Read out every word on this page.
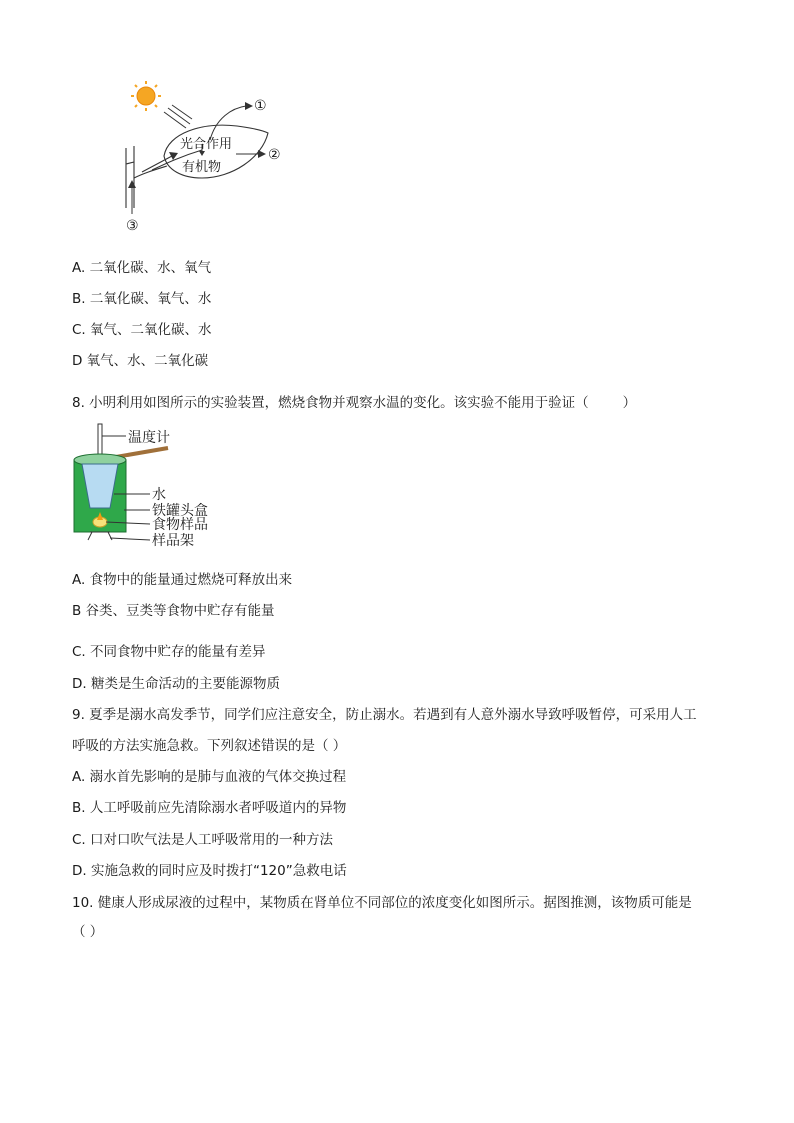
光合作用
有机物
①
②
③
A. 二氧化碳、水、氧气
B. 二氧化碳、氧气、水
C. 氧气、二氧化碳、水
D 氧气、水、二氧化碳
8. 小明利用如图所示的实验装置，燃烧食物并观察水温的变化。该实验不能用于验证（	）
温度计
水
铁罐头盒
食物样品
样品架
A. 食物中的能量通过燃烧可释放出来
B 谷类、豆类等食物中贮存有能量
C. 不同食物中贮存的能量有差异
D. 糖类是生命活动的主要能源物质
9. 夏季是溺水高发季节，同学们应注意安全，防止溺水。若遇到有人意外溺水导致呼吸暂停，可采用人工
呼吸的方法实施急救。下列叙述错误的是（ ）
A. 溺水首先影响的是肺与血液的气体交换过程
B. 人工呼吸前应先清除溺水者呼吸道内的异物
C. 口对口吹气法是人工呼吸常用的一种方法
D. 实施急救的同时应及时拨打“120”急救电话
10. 健康人形成尿液的过程中，某物质在肾单位不同部位的浓度变化如图所示。据图推测，该物质可能是
（ ）
